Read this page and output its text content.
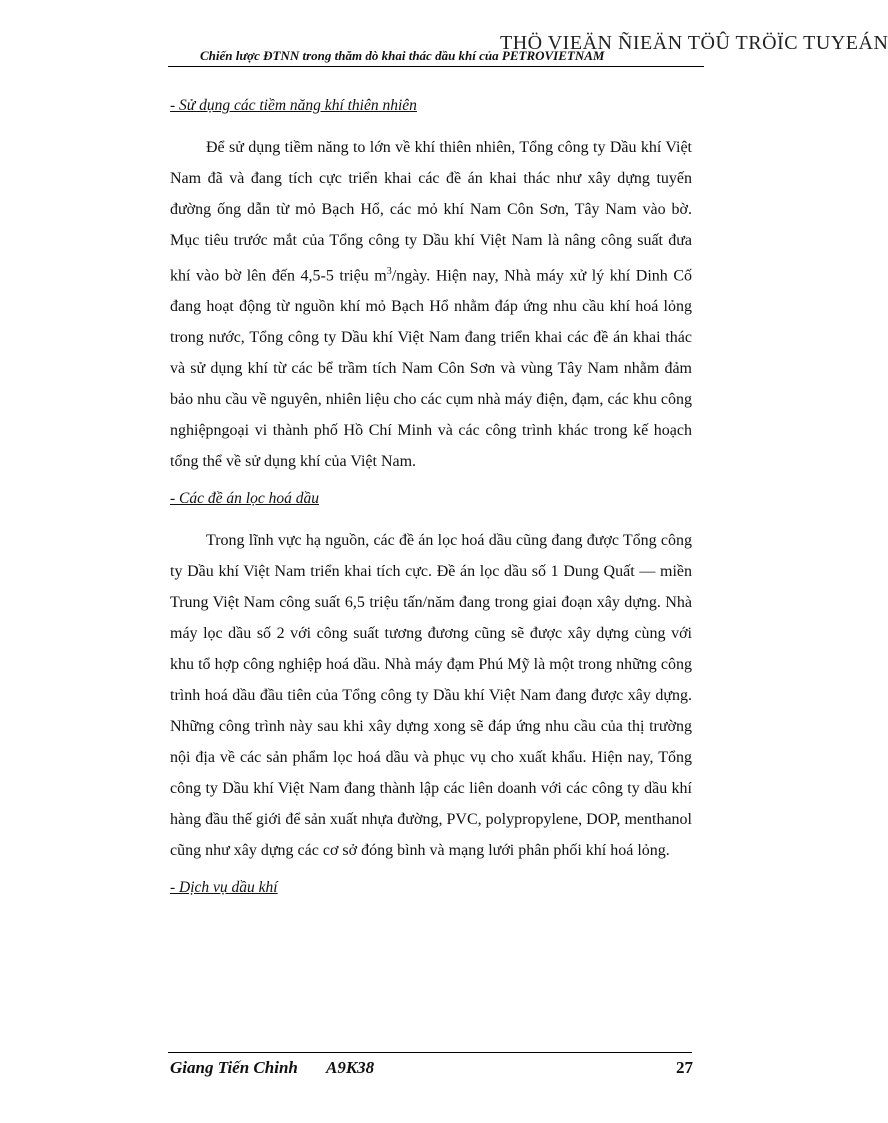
THÖ VIEÄN ÑIEÄN TÖÛ TRÖÏC TUYEÁN
Chiến lược ĐTNN trong thăm dò khai thác dầu khí của PETROVIETNAM

- Sử dụng các tiềm năng khí thiên nhiên

Để sử dụng tiềm năng to lớn về khí thiên nhiên, Tổng công ty Dầu khí Việt Nam đã và đang tích cực triển khai các đề án khai thác như xây dựng tuyến đường ống dẫn từ mỏ Bạch Hổ, các mỏ khí Nam Côn Sơn, Tây Nam vào bờ. Mục tiêu trước mắt của Tổng công ty Dầu khí Việt Nam là nâng công suất đưa khí vào bờ lên đến 4,5-5 triệu $m^3$/ngày. Hiện nay, Nhà máy xử lý khí Dinh Cố đang hoạt động từ nguồn khí mỏ Bạch Hổ nhằm đáp ứng nhu cầu khí hoá lỏng trong nước, Tổng công ty Dầu khí Việt Nam đang triển khai các đề án khai thác và sử dụng khí từ các bể trầm tích Nam Côn Sơn và vùng Tây Nam nhằm đảm bảo nhu cầu về nguyên, nhiên liệu cho các cụm nhà máy điện, đạm, các khu công nghiệpngoại vi thành phố Hồ Chí Minh và các công trình khác trong kế hoạch tổng thể về sử dụng khí của Việt Nam.

- Các đề án lọc hoá dầu

Trong lĩnh vực hạ nguồn, các đề án lọc hoá dầu cũng đang được Tổng công ty Dầu khí Việt Nam triển khai tích cực. Đề án lọc dầu số 1 Dung Quất — miền Trung Việt Nam công suất 6,5 triệu tấn/năm đang trong giai đoạn xây dựng. Nhà máy lọc dầu số 2 với công suất tương đương cũng sẽ được xây dựng cùng với khu tổ hợp công nghiệp hoá dầu. Nhà máy đạm Phú Mỹ là một trong những công trình hoá dầu đầu tiên của Tổng công ty Dầu khí Việt Nam đang được xây dựng. Những công trình này sau khi xây dựng xong sẽ đáp ứng nhu cầu của thị trường nội địa về các sản phẩm lọc hoá dầu và phục vụ cho xuất khẩu. Hiện nay, Tổng công ty Dầu khí Việt Nam đang thành lập các liên doanh với các công ty dầu khí hàng đầu thế giới để sản xuất nhựa đường, PVC, polypropylene, DOP, menthanol cũng như xây dựng các cơ sở đóng bình và mạng lưới phân phối khí hoá lỏng.

- Dịch vụ dầu khí

Giang Tiến Chinh A9K38	27
